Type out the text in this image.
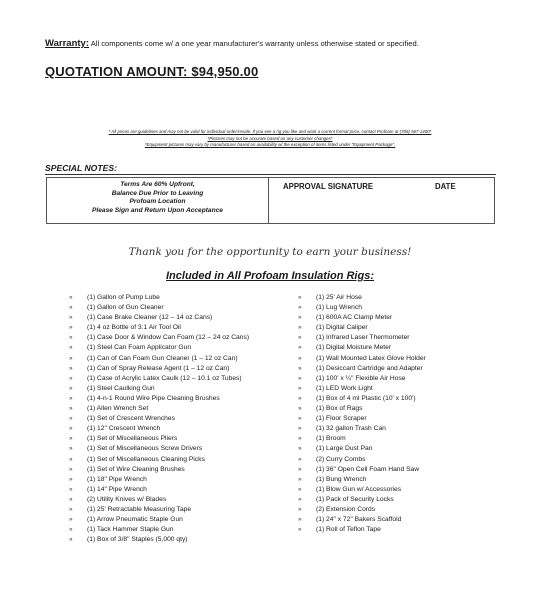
Warranty: All components come w/ a one year manufacturer's warranty unless otherwise stated or specified.
QUOTATION AMOUNT: $94,950.00
* All prices are guidelines and may not be valid for individual order/resale. If you see a rig you like and want a current formal price, contact Profoam at (706) 567-1400*
*Pictures may not be accurate based on any customer changes*
*Equipment pictures may vary by manufacturer based on availability w/ the exception of items listed under "Equipment Package".
SPECIAL NOTES:
Terms Are 60% Upfront,
Balance Due Prior to Leaving
Profoam Location
Please Sign and Return Upon Acceptance
APPROVAL SIGNATURE	DATE
Thank you for the opportunity to earn your business!
Included in All Profoam Insulation Rigs:
» (1) Gallon of Pump Lube
» (1) Gallon of Gun Cleaner
» (1) Case Brake Cleaner (12 – 14 oz Cans)
» (1) 4 oz Bottle of 3:1 Air Tool Oil
» (1) Case Door & Window Can Foam (12 – 24 oz Cans)
» (1) Steel Can Foam Applicator Gun
» (1) Can of Can Foam Gun Cleaner (1 – 12 oz Can)
» (1) Can of Spray Release Agent (1 – 12 oz Can)
» (1) Case of Acrylic Latex Caulk (12 – 10.1 oz Tubes)
» (1) Steel Caulking Gun
» (1) 4-n-1 Round Wire Pipe Cleaning Brushes
» (1) Allen Wrench Set
» (1) Set of Crescent Wrenches
» (1) 12" Crescent Wrench
» (1) Set of Miscellaneous Pliers
» (1) Set of Miscellaneous Screw Drivers
» (1) Set of Miscellaneous Cleaning Picks
» (1) Set of Wire Cleaning Brushes
» (1) 18" Pipe Wrench
» (1) 14" Pipe Wrench
» (2) Utility Knives w/ Blades
» (1) 25' Retractable Measuring Tape
» (1) Arrow Pneumatic Staple Gun
» (1) Tack Hammer Staple Gun
» (1) Box of 3/8" Staples (5,000 qty)
» (1) 25' Air Hose
» (1) Lug Wrench
» (1) 600A AC Clamp Meter
» (1) Digital Caliper
» (1) Infrared Laser Thermometer
» (1) Digital Moisture Meter
» (1) Wall Mounted Latex Glove Holder
» (1) Desiccant Cartridge and Adapter
» (1) 100' x ¼" Flexible Air Hose
» (1) LED Work Light
» (1) Box of 4 ml Plastic (10' x 100')
» (1) Box of Rags
» (1) Floor Scraper
» (1) 32 gallon Trash Can
» (1) Broom
» (1) Large Dust Pan
» (2) Curry Combs
» (1) 36" Open Cell Foam Hand Saw
» (1) Bung Wrench
» (1) Blow Gun w/ Accessories
» (1) Pack of Security Locks
» (2) Extension Cords
» (1) 24" x 72" Bakers Scaffold
» (1) Roll of Teflon Tape
